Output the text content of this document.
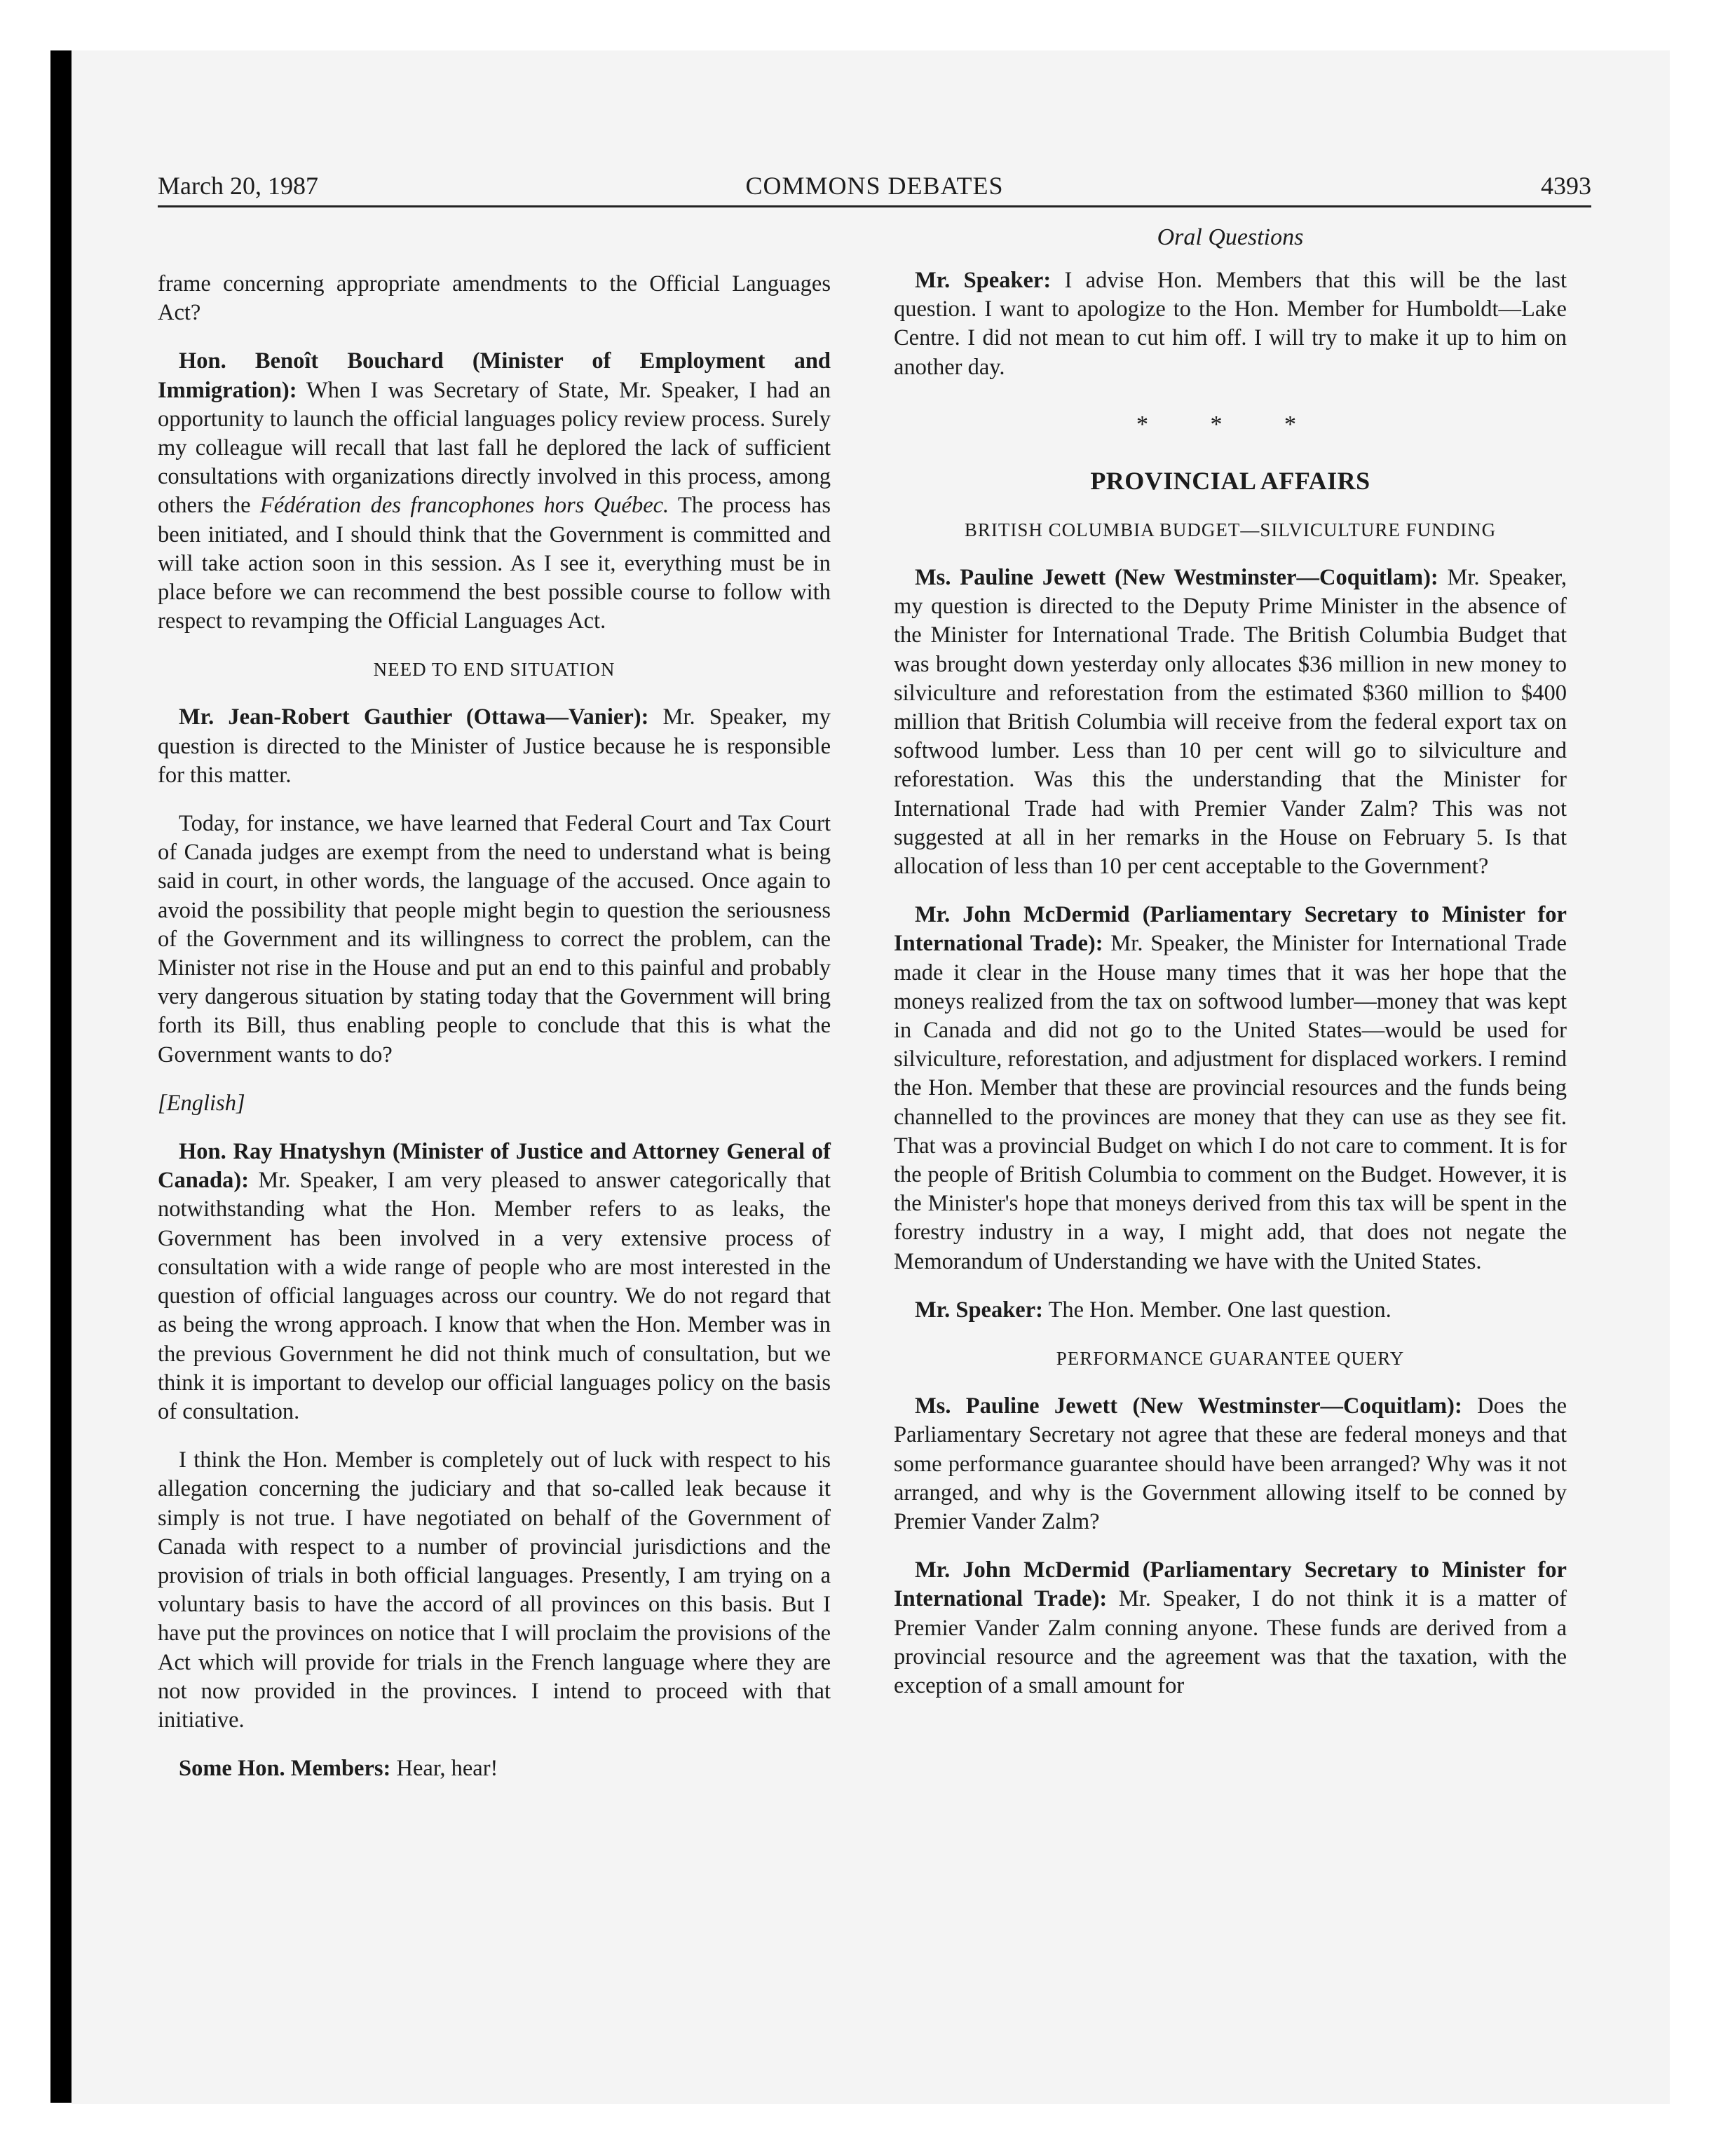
March 20, 1987	COMMONS DEBATES	4393

frame concerning appropriate amendments to the Official Languages Act?

Hon. Benoît Bouchard (Minister of Employment and Immigration): When I was Secretary of State, Mr. Speaker, I had an opportunity to launch the official languages policy review process. Surely my colleague will recall that last fall he deplored the lack of sufficient consultations with organizations directly involved in this process, among others the Fédération des francophones hors Québec. The process has been initiated, and I should think that the Government is committed and will take action soon in this session. As I see it, everything must be in place before we can recommend the best possible course to follow with respect to revamping the Official Languages Act.

NEED TO END SITUATION

Mr. Jean-Robert Gauthier (Ottawa—Vanier): Mr. Speaker, my question is directed to the Minister of Justice because he is responsible for this matter.

Today, for instance, we have learned that Federal Court and Tax Court of Canada judges are exempt from the need to understand what is being said in court, in other words, the language of the accused. Once again to avoid the possibility that people might begin to question the seriousness of the Government and its willingness to correct the problem, can the Minister not rise in the House and put an end to this painful and probably very dangerous situation by stating today that the Government will bring forth its Bill, thus enabling people to conclude that this is what the Government wants to do?

[English]

Hon. Ray Hnatyshyn (Minister of Justice and Attorney General of Canada): Mr. Speaker, I am very pleased to answer categorically that notwithstanding what the Hon. Member refers to as leaks, the Government has been involved in a very extensive process of consultation with a wide range of people who are most interested in the question of official languages across our country. We do not regard that as being the wrong approach. I know that when the Hon. Member was in the previous Government he did not think much of consultation, but we think it is important to develop our official languages policy on the basis of consultation.

I think the Hon. Member is completely out of luck with respect to his allegation concerning the judiciary and that so-called leak because it simply is not true. I have negotiated on behalf of the Government of Canada with respect to a number of provincial jurisdictions and the provision of trials in both official languages. Presently, I am trying on a voluntary basis to have the accord of all provinces on this basis. But I have put the provinces on notice that I will proclaim the provisions of the Act which will provide for trials in the French language where they are not now provided in the provinces. I intend to proceed with that initiative.

Some Hon. Members: Hear, hear!

Oral Questions

Mr. Speaker: I advise Hon. Members that this will be the last question. I want to apologize to the Hon. Member for Humboldt—Lake Centre. I did not mean to cut him off. I will try to make it up to him on another day.

* * *
PROVINCIAL AFFAIRS
BRITISH COLUMBIA BUDGET—SILVICULTURE FUNDING

Ms. Pauline Jewett (New Westminster—Coquitlam): Mr. Speaker, my question is directed to the Deputy Prime Minister in the absence of the Minister for International Trade. The British Columbia Budget that was brought down yesterday only allocates $36 million in new money to silviculture and reforestation from the estimated $360 million to $400 million that British Columbia will receive from the federal export tax on softwood lumber. Less than 10 per cent will go to silviculture and reforestation. Was this the understanding that the Minister for International Trade had with Premier Vander Zalm? This was not suggested at all in her remarks in the House on February 5. Is that allocation of less than 10 per cent acceptable to the Government?

Mr. John McDermid (Parliamentary Secretary to Minister for International Trade): Mr. Speaker, the Minister for International Trade made it clear in the House many times that it was her hope that the moneys realized from the tax on softwood lumber—money that was kept in Canada and did not go to the United States—would be used for silviculture, reforestation, and adjustment for displaced workers. I remind the Hon. Member that these are provincial resources and the funds being channelled to the provinces are money that they can use as they see fit. That was a provincial Budget on which I do not care to comment. It is for the people of British Columbia to comment on the Budget. However, it is the Minister's hope that moneys derived from this tax will be spent in the forestry industry in a way, I might add, that does not negate the Memorandum of Understanding we have with the United States.

Mr. Speaker: The Hon. Member. One last question.

PERFORMANCE GUARANTEE QUERY

Ms. Pauline Jewett (New Westminster—Coquitlam): Does the Parliamentary Secretary not agree that these are federal moneys and that some performance guarantee should have been arranged? Why was it not arranged, and why is the Government allowing itself to be conned by Premier Vander Zalm?

Mr. John McDermid (Parliamentary Secretary to Minister for International Trade): Mr. Speaker, I do not think it is a matter of Premier Vander Zalm conning anyone. These funds are derived from a provincial resource and the agreement was that the taxation, with the exception of a small amount for
